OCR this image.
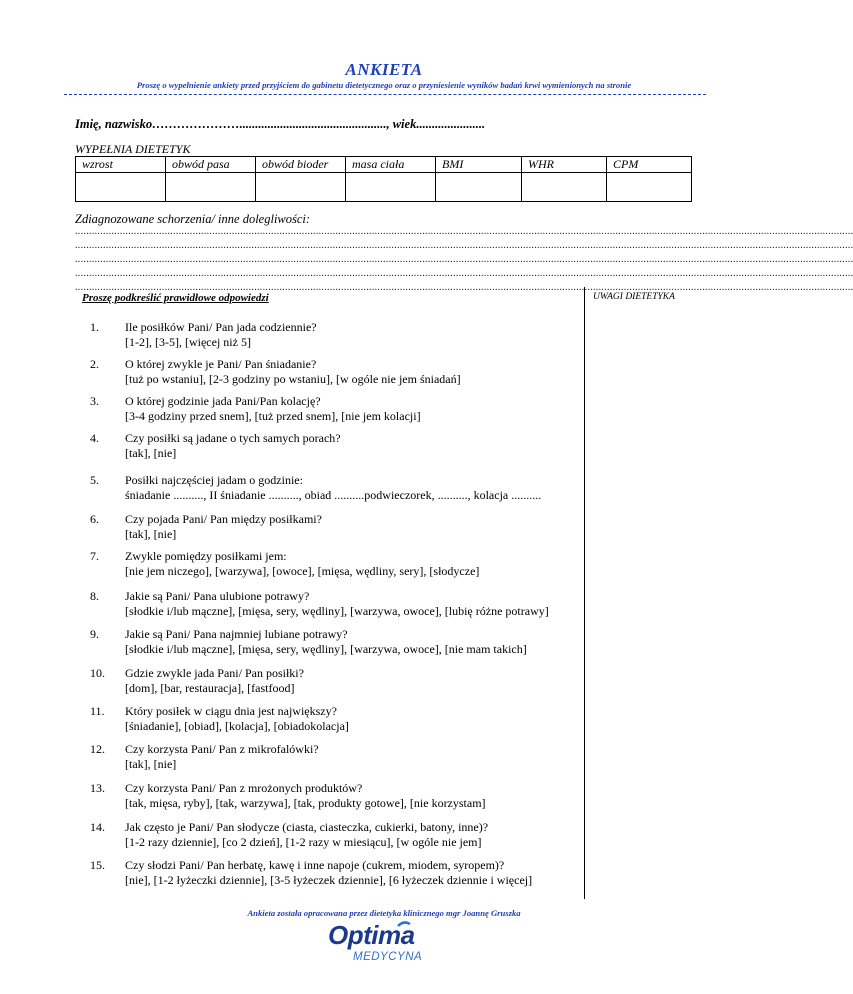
ANKIETA
Proszę o wypełnienie ankiety przed przyjściem do gabinetu dietetycznego oraz o przyniesienie wyników badań krwi wymienionych na stronie
Imię, nazwisko…………………..............................................., wiek......................
WYPEŁNIA DIETETYK
wzrost	obwód pasa	obwód bioder	masa ciała	BMI	WHR	CPM

Zdiagnozowane schorzenia/ inne dolegliwości:
......................................................................................................................................................................................................................................................................................
......................................................................................................................................................................................................................................................................................
......................................................................................................................................................................................................................................................................................
......................................................................................................................................................................................................................................................................................
......................................................................................................................................................................................................................................................................................
Proszę podkreślić prawidłowe odpowiedzi	UWAGI DIETETYKA
1. Ile posiłków Pani/ Pan jada codziennie?
[1-2], [3-5], [więcej niż 5]
2. O której zwykle je Pani/ Pan śniadanie?
[tuż po wstaniu], [2-3 godziny po wstaniu], [w ogóle nie jem śniadań]
3. O której godzinie jada Pani/Pan kolację?
[3-4 godziny przed snem], [tuż przed snem], [nie jem kolacji]
4. Czy posiłki są jadane o tych samych porach?
[tak], [nie]
5. Posiłki najczęściej jadam o godzinie:
śniadanie .........., II śniadanie .........., obiad ..........podwieczorek, .........., kolacja ..........
6. Czy pojada Pani/ Pan między posiłkami?
[tak], [nie]
7. Zwykle pomiędzy posiłkami jem:
[nie jem niczego], [warzywa], [owoce], [mięsa, wędliny, sery], [słodycze]
8. Jakie są Pani/ Pana ulubione potrawy?
[słodkie i/lub mączne], [mięsa, sery, wędliny], [warzywa, owoce], [lubię różne potrawy]
9. Jakie są Pani/ Pana najmniej lubiane potrawy?
[słodkie i/lub mączne], [mięsa, sery, wędliny], [warzywa, owoce], [nie mam takich]
10. Gdzie zwykle jada Pani/ Pan posiłki?
[dom], [bar, restauracja], [fastfood]
11. Który posiłek w ciągu dnia jest największy?
[śniadanie], [obiad], [kolacja], [obiadokolacja]
12. Czy korzysta Pani/ Pan z mikrofalówki?
[tak], [nie]
13. Czy korzysta Pani/ Pan z mrożonych produktów?
[tak, mięsa, ryby], [tak, warzywa], [tak, produkty gotowe], [nie korzystam]
14. Jak często je Pani/ Pan słodycze (ciasta, ciasteczka, cukierki, batony, inne)?
[1-2 razy dziennie], [co 2 dzień], [1-2 razy w miesiącu], [w ogóle nie jem]
15. Czy słodzi Pani/ Pan herbatę, kawę i inne napoje (cukrem, miodem, syropem)?
[nie], [1-2 łyżeczki dziennie], [3-5 łyżeczek dziennie], [6 łyżeczek dziennie i więcej]
Ankieta została opracowana przez dietetyka klinicznego mgr Joannę Gruszka
Optima
MEDYCYNA
